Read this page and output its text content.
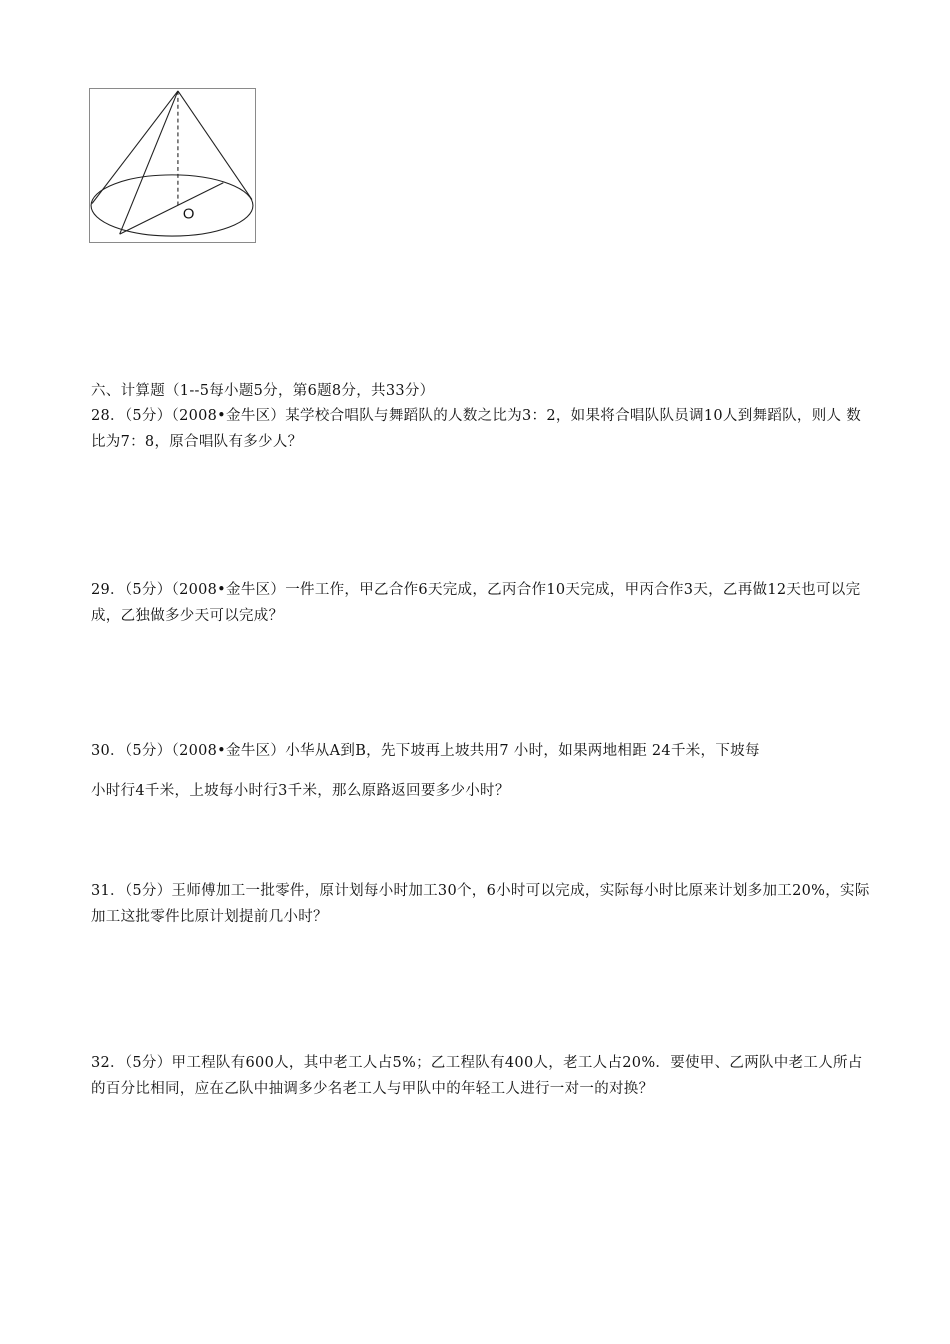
O

六、计算题（1--5每小题5分，第6题8分，共33分）

28．（5分）（2008•金牛区）某学校合唱队与舞蹈队的人数之比为3：2，如果将合唱队队员调10人到舞蹈队，则人 数比为7：8，原合唱队有多少人？

29．（5分）（2008•金牛区）一件工作，甲乙合作6天完成，乙丙合作10天完成，甲丙合作3天，乙再做12天也可以完成，乙独做多少天可以完成？

30．（5分）（2008•金牛区）小华从A到B，先下坡再上坡共用7 小时，如果两地相距 24千米，下坡每

小时行4千米，上坡每小时行3千米，那么原路返回要多少小时？

31．（5分）王师傅加工一批零件，原计划每小时加工30个，6小时可以完成，实际每小时比原来计划多加工20%，实际加工这批零件比原计划提前几小时？

32．（5分）甲工程队有600人，其中老工人占5%；乙工程队有400人，老工人占20%．要使甲、乙两队中老工人所占的百分比相同，应在乙队中抽调多少名老工人与甲队中的年轻工人进行一对一的对换？
